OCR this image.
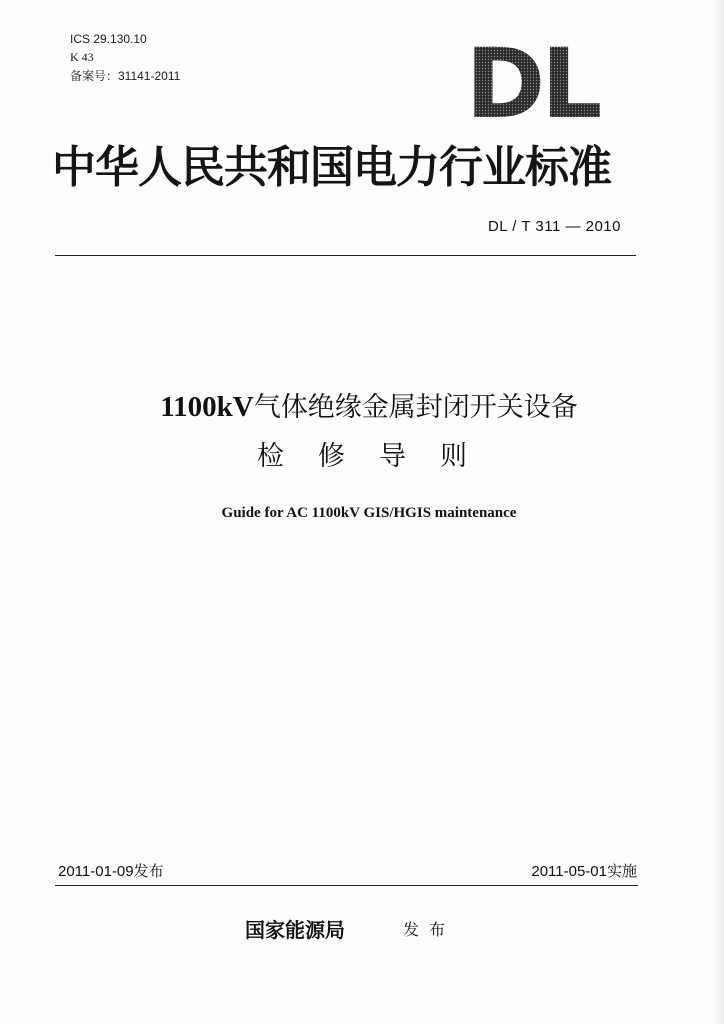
ICS 29.130.10
K 43
备案号：31141-2011	DL
中华人民共和国电力行业标准
DL / T 311 — 2010
1100kV气体绝缘金属封闭开关设备
检修导则
Guide for AC 1100kV GIS/HGIS maintenance
2011-01-09发布	2011-05-01实施
国家能源局	发布
